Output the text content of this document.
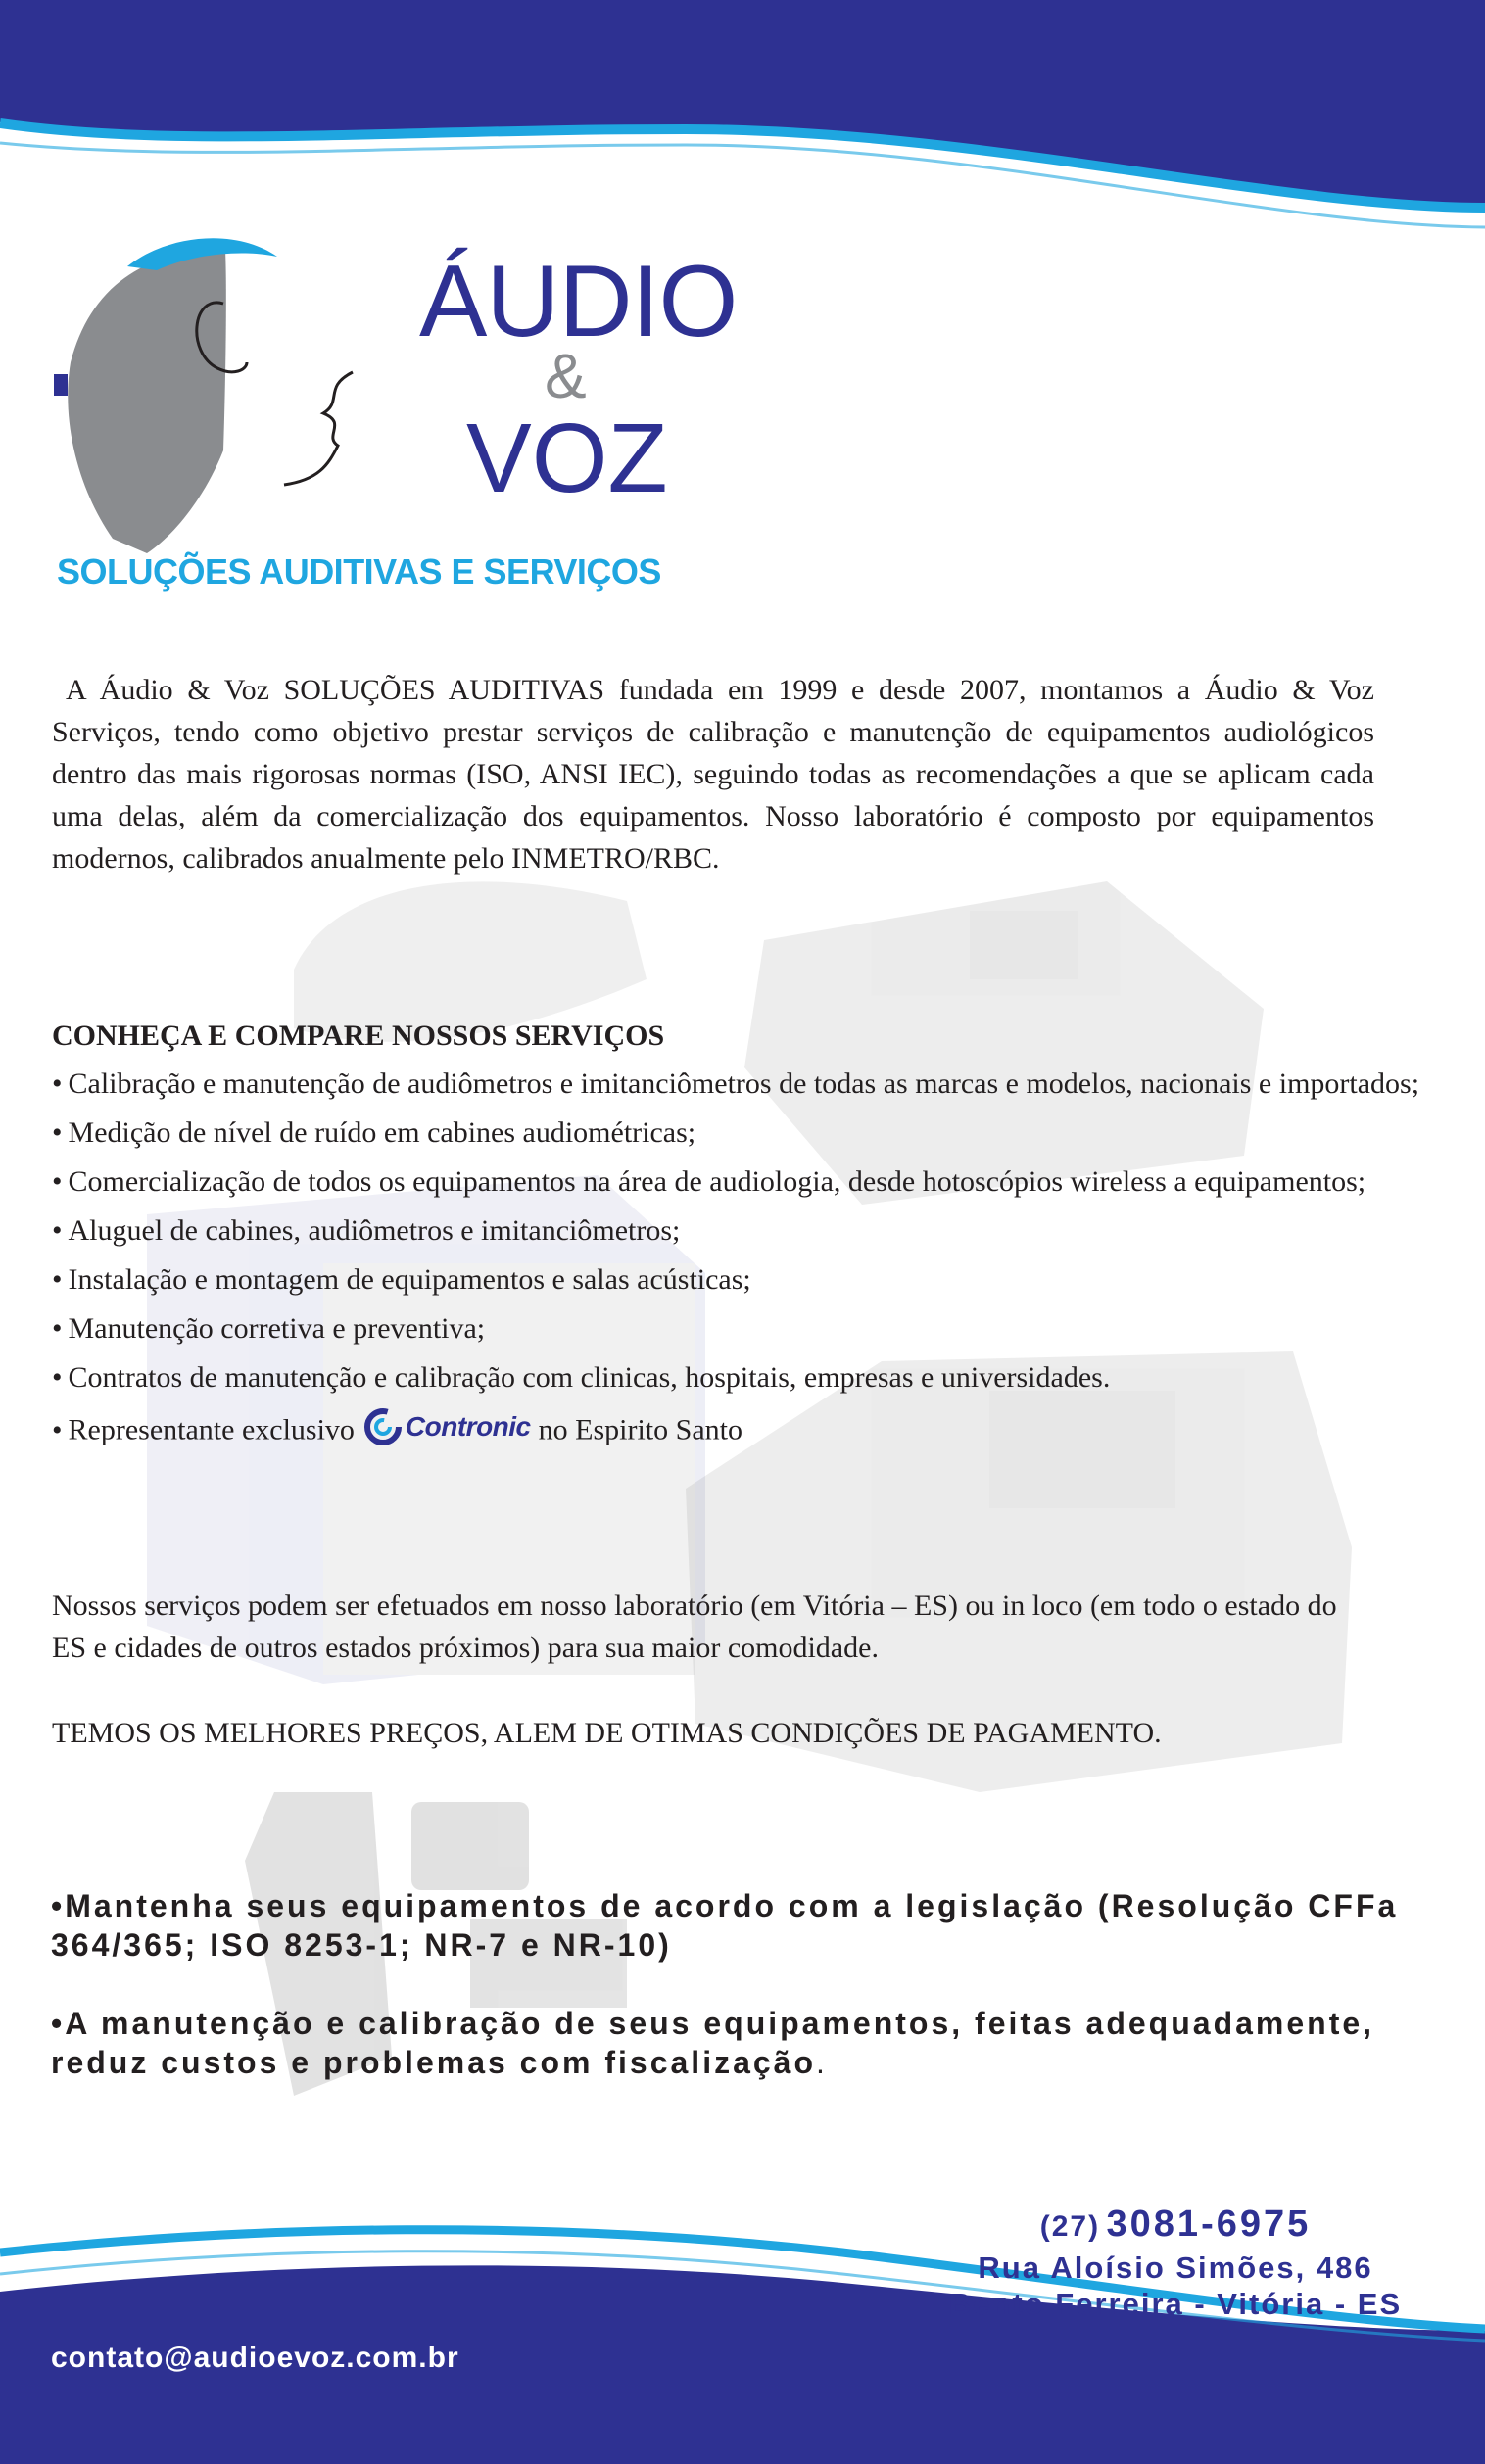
ÁUDIO
&
VOZ
SOLUÇÕES AUDITIVAS E SERVIÇOS
A Áudio & Voz SOLUÇÕES AUDITIVAS fundada em 1999 e desde 2007, montamos a Áudio & Voz Serviços, tendo como objetivo prestar serviços de calibração e manutenção de equipamentos audiológicos dentro das mais rigorosas normas (ISO, ANSI IEC), seguindo todas as recomendações a que se aplicam cada uma delas, além da comercialização dos equipamentos. Nosso laboratório é composto por equipamentos modernos, calibrados anualmente pelo INMETRO/RBC.
CONHEÇA E COMPARE NOSSOS SERVIÇOS
• Calibração e manutenção de audiômetros e imitanciômetros de todas as marcas e modelos, nacionais e importados;
• Medição de nível de ruído em cabines audiométricas;
• Comercialização de todos os equipamentos na área de audiologia, desde hotoscópios wireless a equipamentos;
• Aluguel de cabines, audiômetros e imitanciômetros;
• Instalação e montagem de equipamentos e salas acústicas;
• Manutenção corretiva e preventiva;
• Contratos de manutenção e calibração com clinicas, hospitais, empresas e universidades.
• Representante exclusivo Contronic no Espirito Santo
Nossos serviços podem ser efetuados em nosso laboratório (em Vitória – ES) ou in loco (em todo o estado do ES e cidades de outros estados próximos) para sua maior comodidade.
TEMOS OS MELHORES PREÇOS, ALEM DE OTIMAS CONDIÇÕES DE PAGAMENTO.
•Mantenha seus equipamentos de acordo com a legislação (Resolução CFFa 364/365; ISO 8253-1; NR-7 e NR-10)
•A manutenção e calibração de seus equipamentos, feitas adequadamente, reduz custos e problemas com fiscalização.
(27) 3081-6975
Rua Aloísio Simões, 486
Bento Ferreira - Vitória - ES
contato@audioevoz.com.br
